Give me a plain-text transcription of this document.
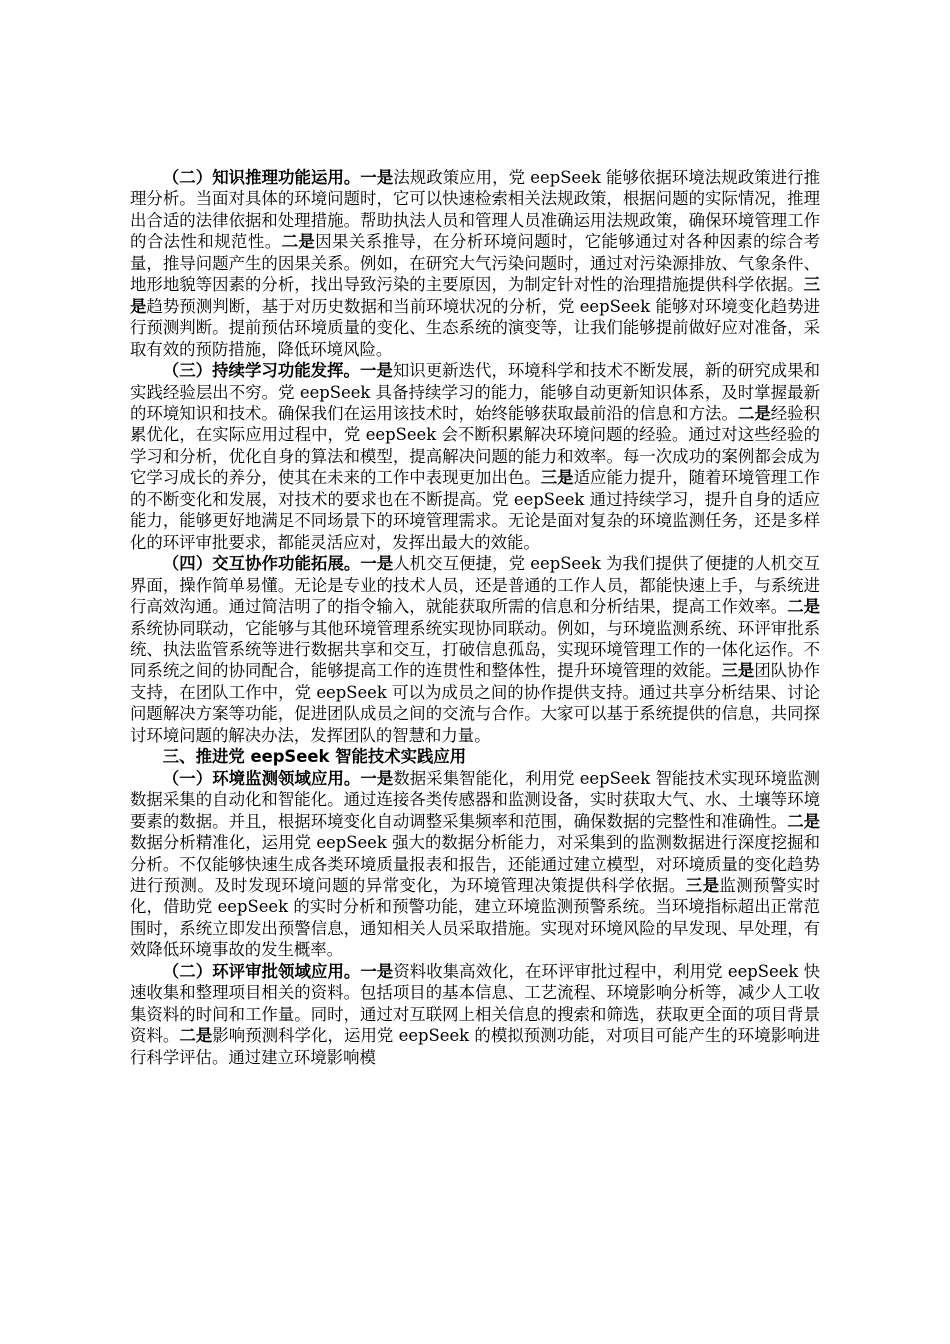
（二）知识推理功能运用。一是法规政策应用，党 eepSeek 能够依据环境法规政策进行推理分析。当面对具体的环境问题时，它可以快速检索相关法规政策，根据问题的实际情况，推理出合适的法律依据和处理措施。帮助执法人员和管理人员准确运用法规政策，确保环境管理工作的合法性和规范性。二是因果关系推导，在分析环境问题时，它能够通过对各种因素的综合考量，推导问题产生的因果关系。例如，在研究大气污染问题时，通过对污染源排放、气象条件、地形地貌等因素的分析，找出导致污染的主要原因，为制定针对性的治理措施提供科学依据。三是趋势预测判断，基于对历史数据和当前环境状况的分析，党 eepSeek 能够对环境变化趋势进行预测判断。提前预估环境质量的变化、生态系统的演变等，让我们能够提前做好应对准备，采取有效的预防措施，降低环境风险。

（三）持续学习功能发挥。一是知识更新迭代，环境科学和技术不断发展，新的研究成果和实践经验层出不穷。党 eepSeek 具备持续学习的能力，能够自动更新知识体系，及时掌握最新的环境知识和技术。确保我们在运用该技术时，始终能够获取最前沿的信息和方法。二是经验积累优化，在实际应用过程中，党 eepSeek 会不断积累解决环境问题的经验。通过对这些经验的学习和分析，优化自身的算法和模型，提高解决问题的能力和效率。每一次成功的案例都会成为它学习成长的养分，使其在未来的工作中表现更加出色。三是适应能力提升，随着环境管理工作的不断变化和发展，对技术的要求也在不断提高。党 eepSeek 通过持续学习，提升自身的适应能力，能够更好地满足不同场景下的环境管理需求。无论是面对复杂的环境监测任务，还是多样化的环评审批要求，都能灵活应对，发挥出最大的效能。

（四）交互协作功能拓展。一是人机交互便捷，党 eepSeek 为我们提供了便捷的人机交互界面，操作简单易懂。无论是专业的技术人员，还是普通的工作人员，都能快速上手，与系统进行高效沟通。通过简洁明了的指令输入，就能获取所需的信息和分析结果，提高工作效率。二是系统协同联动，它能够与其他环境管理系统实现协同联动。例如，与环境监测系统、环评审批系统、执法监管系统等进行数据共享和交互，打破信息孤岛，实现环境管理工作的一体化运作。不同系统之间的协同配合，能够提高工作的连贯性和整体性，提升环境管理的效能。三是团队协作支持，在团队工作中，党 eepSeek 可以为成员之间的协作提供支持。通过共享分析结果、讨论问题解决方案等功能，促进团队成员之间的交流与合作。大家可以基于系统提供的信息，共同探讨环境问题的解决办法，发挥团队的智慧和力量。

三、推进党 eepSeek 智能技术实践应用

（一）环境监测领域应用。一是数据采集智能化，利用党 eepSeek 智能技术实现环境监测数据采集的自动化和智能化。通过连接各类传感器和监测设备，实时获取大气、水、土壤等环境要素的数据。并且，根据环境变化自动调整采集频率和范围，确保数据的完整性和准确性。二是数据分析精准化，运用党 eepSeek 强大的数据分析能力，对采集到的监测数据进行深度挖掘和分析。不仅能够快速生成各类环境质量报表和报告，还能通过建立模型，对环境质量的变化趋势进行预测。及时发现环境问题的异常变化，为环境管理决策提供科学依据。三是监测预警实时化，借助党 eepSeek 的实时分析和预警功能，建立环境监测预警系统。当环境指标超出正常范围时，系统立即发出预警信息，通知相关人员采取措施。实现对环境风险的早发现、早处理，有效降低环境事故的发生概率。

（二）环评审批领域应用。一是资料收集高效化，在环评审批过程中，利用党 eepSeek 快速收集和整理项目相关的资料。包括项目的基本信息、工艺流程、环境影响分析等，减少人工收集资料的时间和工作量。同时，通过对互联网上相关信息的搜索和筛选，获取更全面的项目背景资料。二是影响预测科学化，运用党 eepSeek 的模拟预测功能，对项目可能产生的环境影响进行科学评估。通过建立环境影响模
